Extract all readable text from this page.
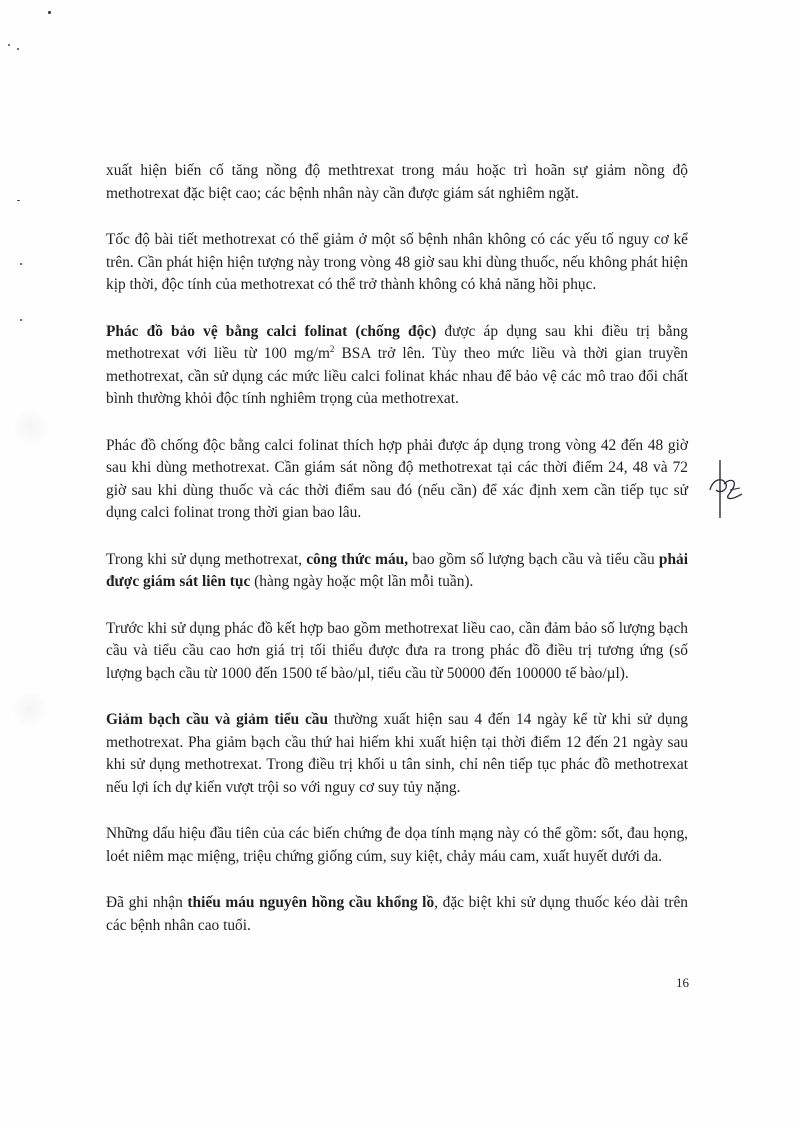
xuất hiện biến cố tăng nồng độ methtrexat trong máu hoặc trì hoãn sự giảm nồng độ methotrexat đặc biệt cao; các bệnh nhân này cần được giám sát nghiêm ngặt.

Tốc độ bài tiết methotrexat có thể giảm ở một số bệnh nhân không có các yếu tố nguy cơ kể trên. Cần phát hiện hiện tượng này trong vòng 48 giờ sau khi dùng thuốc, nếu không phát hiện kịp thời, độc tính của methotrexat có thể trở thành không có khả năng hồi phục.

Phác đồ bảo vệ bằng calci folinat (chống độc) được áp dụng sau khi điều trị bằng methotrexat với liều từ 100 $mg/m^2$ BSA trở lên. Tùy theo mức liều và thời gian truyền methotrexat, cần sử dụng các mức liều calci folinat khác nhau để bảo vệ các mô trao đổi chất bình thường khỏi độc tính nghiêm trọng của methotrexat.

Phác đồ chống độc bằng calci folinat thích hợp phải được áp dụng trong vòng 42 đến 48 giờ sau khi dùng methotrexat. Cần giám sát nồng độ methotrexat tại các thời điểm 24, 48 và 72 giờ sau khi dùng thuốc và các thời điểm sau đó (nếu cần) để xác định xem cần tiếp tục sử dụng calci folinat trong thời gian bao lâu.

Trong khi sử dụng methotrexat, công thức máu, bao gồm số lượng bạch cầu và tiểu cầu phải được giám sát liên tục (hàng ngày hoặc một lần mỗi tuần).

Trước khi sử dụng phác đồ kết hợp bao gồm methotrexat liều cao, cần đảm bảo số lượng bạch cầu và tiểu cầu cao hơn giá trị tối thiểu được đưa ra trong phác đồ điều trị tương ứng (số lượng bạch cầu từ 1000 đến 1500 tế bào/µl, tiểu cầu từ 50000 đến 100000 tế bào/µl).

Giảm bạch cầu và giảm tiểu cầu thường xuất hiện sau 4 đến 14 ngày kể từ khi sử dụng methotrexat. Pha giảm bạch cầu thứ hai hiếm khi xuất hiện tại thời điểm 12 đến 21 ngày sau khi sử dụng methotrexat. Trong điều trị khối u tân sinh, chỉ nên tiếp tục phác đồ methotrexat nếu lợi ích dự kiến vượt trội so với nguy cơ suy tủy nặng.

Những dấu hiệu đầu tiên của các biến chứng đe dọa tính mạng này có thể gồm: sốt, đau họng, loét niêm mạc miệng, triệu chứng giống cúm, suy kiệt, chảy máu cam, xuất huyết dưới da.

Đã ghi nhận thiếu máu nguyên hồng cầu khổng lồ, đặc biệt khi sử dụng thuốc kéo dài trên các bệnh nhân cao tuổi.

16
